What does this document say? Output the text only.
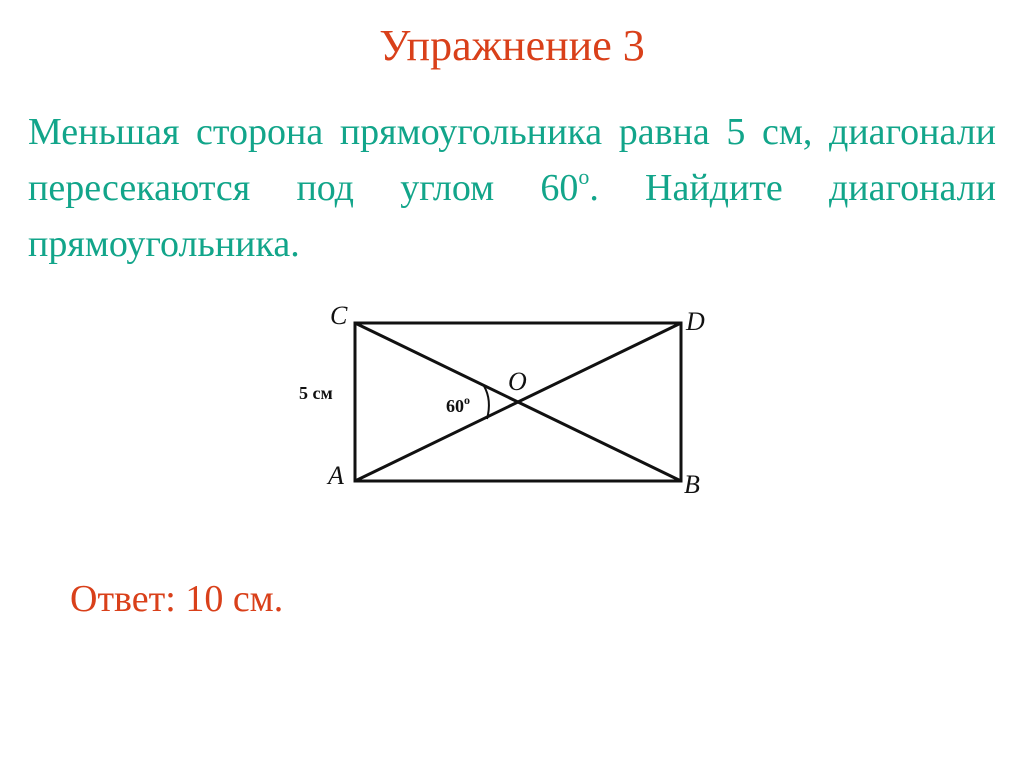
Упражнение 3
Меньшая сторона прямоугольника равна 5 см, диагонали пересекаются под углом 60$^o$. Найдите диагонали прямоугольника.
C	D
A	B
O
5 см
60$^o$
Ответ: 10 см.
